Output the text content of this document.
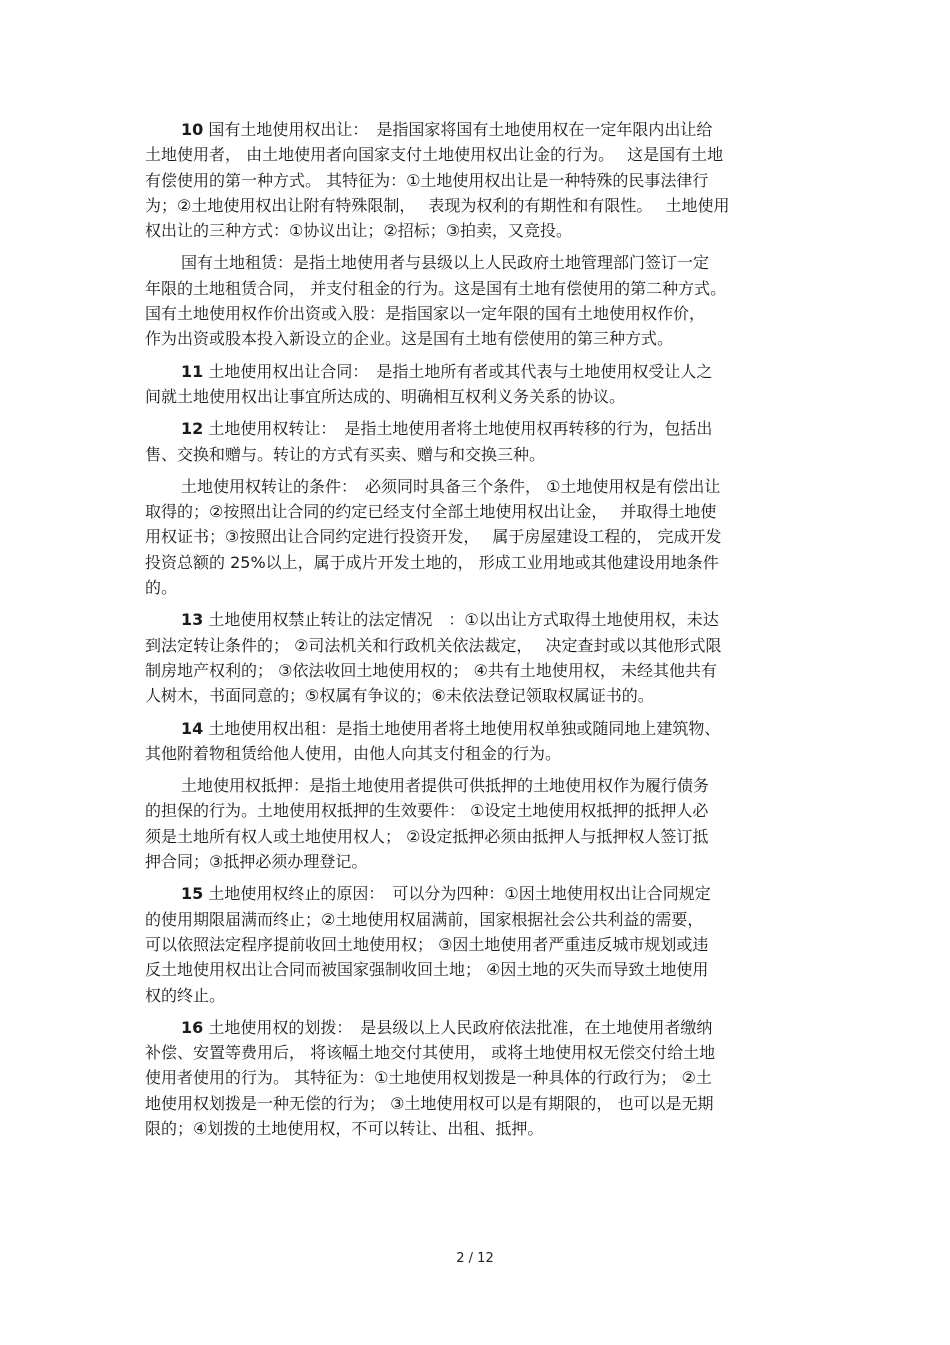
10 国有土地使用权出让：　是指国家将国有土地使用权在一定年限内出让给
土地使用者， 由土地使用者向国家支付土地使用权出让金的行为。　 这是国有土地
有偿使用的第一种方式。 其特征为：①土地使用权出让是一种特殊的民事法律行
为；②土地使用权出让附有特殊限制，　 表现为权利的有期性和有限性。　 土地使用
权出让的三种方式：①协议出让；②招标；③拍卖，又竞投。
国有土地租赁：是指土地使用者与县级以上人民政府土地管理部门签订一定
年限的土地租赁合同， 并支付租金的行为。这是国有土地有偿使用的第二种方式。
国有土地使用权作价出资或入股：是指国家以一定年限的国有土地使用权作价，
作为出资或股本投入新设立的企业。这是国有土地有偿使用的第三种方式。
11 土地使用权出让合同：　是指土地所有者或其代表与土地使用权受让人之
间就土地使用权出让事宜所达成的、明确相互权利义务关系的协议。
12 土地使用权转让：　是指土地使用者将土地使用权再转移的行为，包括出
售、交换和赠与。转让的方式有买卖、赠与和交换三种。
土地使用权转让的条件：　必须同时具备三个条件， ①土地使用权是有偿出让
取得的；②按照出让合同的约定已经支付全部土地使用权出让金，　 并取得土地使
用权证书；③按照出让合同约定进行投资开发，　 属于房屋建设工程的， 完成开发
投资总额的 25%以上，属于成片开发土地的， 形成工业用地或其他建设用地条件
的。
13 土地使用权禁止转让的法定情况　：①以出让方式取得土地使用权，未达
到法定转让条件的； ②司法机关和行政机关依法裁定，　 决定查封或以其他形式限
制房地产权利的； ③依法收回土地使用权的； ④共有土地使用权， 未经其他共有
人树木，书面同意的；⑤权属有争议的；⑥未依法登记领取权属证书的。
14 土地使用权出租：是指土地使用者将土地使用权单独或随同地上建筑物、
其他附着物租赁给他人使用，由他人向其支付租金的行为。
土地使用权抵押：是指土地使用者提供可供抵押的土地使用权作为履行债务
的担保的行为。土地使用权抵押的生效要件： ①设定土地使用权抵押的抵押人必
须是土地所有权人或土地使用权人； ②设定抵押必须由抵押人与抵押权人签订抵
押合同；③抵押必须办理登记。
15 土地使用权终止的原因：　可以分为四种：①因土地使用权出让合同规定
的使用期限届满而终止；②土地使用权届满前，国家根据社会公共利益的需要，
可以依照法定程序提前收回土地使用权； ③因土地使用者严重违反城市规划或违
反土地使用权出让合同而被国家强制收回土地； ④因土地的灭失而导致土地使用
权的终止。
16 土地使用权的划拨：　是县级以上人民政府依法批准，在土地使用者缴纳
补偿、安置等费用后， 将该幅土地交付其使用， 或将土地使用权无偿交付给土地
使用者使用的行为。 其特征为：①土地使用权划拨是一种具体的行政行为； ②土
地使用权划拨是一种无偿的行为； ③土地使用权可以是有期限的， 也可以是无期
限的；④划拨的土地使用权，不可以转让、出租、抵押。
2 / 12
